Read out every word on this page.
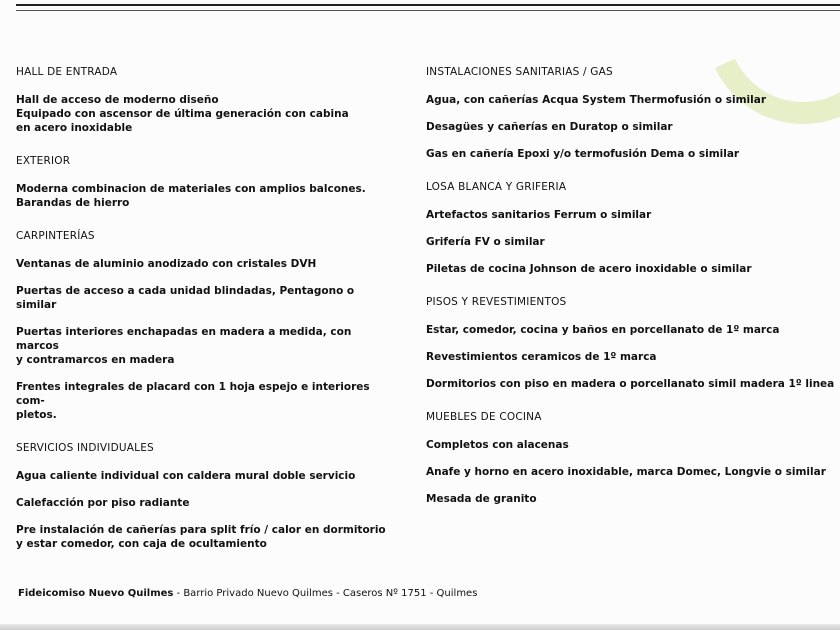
HALL DE ENTRADA
Hall de acceso de moderno diseño
Equipado con ascensor de última generación con cabina
en acero inoxidable
EXTERIOR
Moderna combinacion de materiales con amplios balcones.
Barandas de hierro
CARPINTERÍAS
Ventanas de aluminio anodizado con cristales DVH
Puertas de acceso a cada unidad blindadas, Pentagono o similar
Puertas interiores enchapadas en madera a medida, con marcos
y contramarcos en madera
Frentes integrales de placard con 1 hoja espejo e interiores com-
pletos.
SERVICIOS INDIVIDUALES
Agua caliente individual con caldera mural doble servicio
Calefacción por piso radiante
Pre instalación de cañerías para split frío / calor en dormitorio
y estar comedor, con caja de ocultamiento
INSTALACIONES SANITARIAS / GAS
Agua, con cañerías Acqua System Thermofusión o similar
Desagües y cañerías en Duratop o similar
Gas en cañería Epoxi y/o termofusión Dema o similar
LOSA BLANCA Y GRIFERIA
Artefactos sanitarios Ferrum o similar
Grifería FV o similar
Piletas de cocina Johnson de acero inoxidable o similar
PISOS Y REVESTIMIENTOS
Estar, comedor, cocina y baños en porcellanato de 1º marca
Revestimientos ceramicos de 1º marca
Dormitorios con piso en madera o porcellanato simil madera 1º linea
MUEBLES DE COCINA
Completos con alacenas
Anafe y horno en acero inoxidable, marca Domec, Longvie o similar
Mesada de granito
Fideicomiso Nuevo Quilmes - Barrio Privado Nuevo Quilmes - Caseros Nº 1751 - Quilmes
